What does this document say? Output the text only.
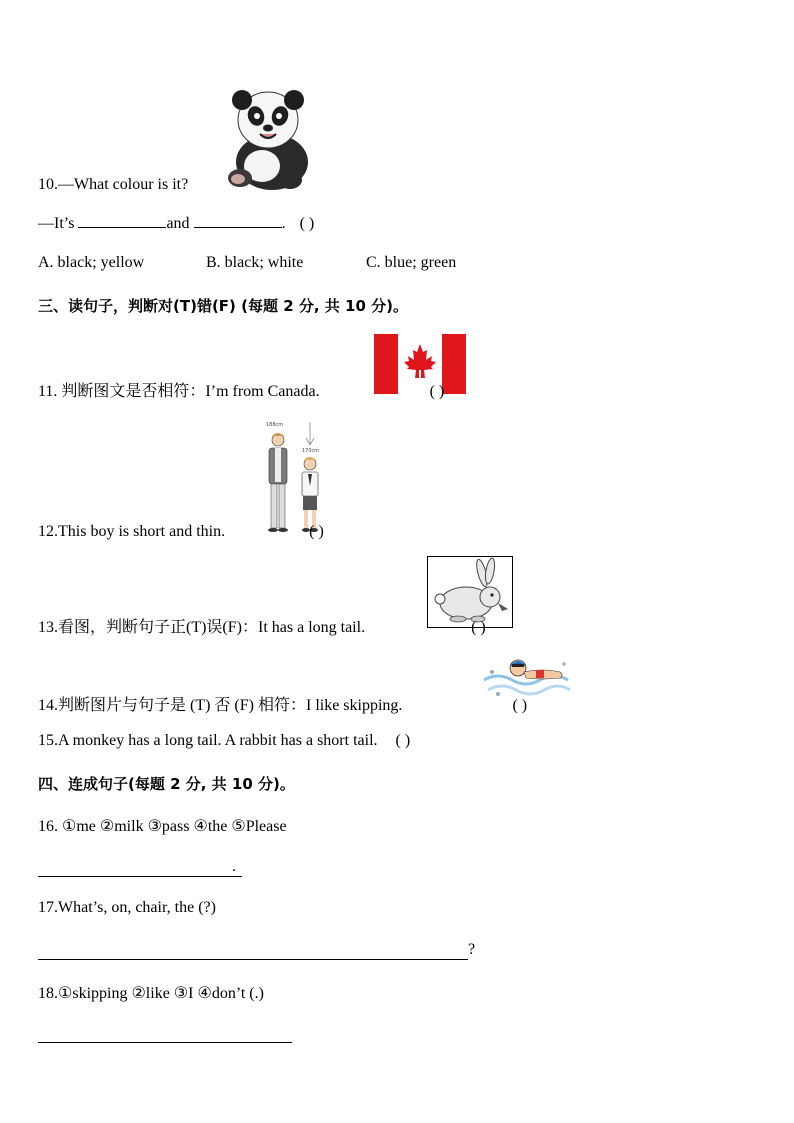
10.—What colour is it?
—It’s	and	. ( )
A. black; yellow	B. black; white	C. blue; green
三、读句子，判断对(T)错(F) (每题 2 分, 共 10 分)。
11. 判断图文是否相符：I’m from Canada.	( )
188cm
170cm
12.This boy is short and thin.	( )
13.看图，判断句子正(T)误(F)：It has a long tail.	( )
14.判断图片与句子是 (T) 否 (F) 相符：I like skipping.	( )
15.A monkey has a long tail. A rabbit has a short tail. ( )
四、连成句子(每题 2 分, 共 10 分)。
16. ①me ②milk ③pass ④the ⑤Please
.
17.What’s, on, chair, the (?)
?
18.①skipping ②like ③I ④don’t (.)
